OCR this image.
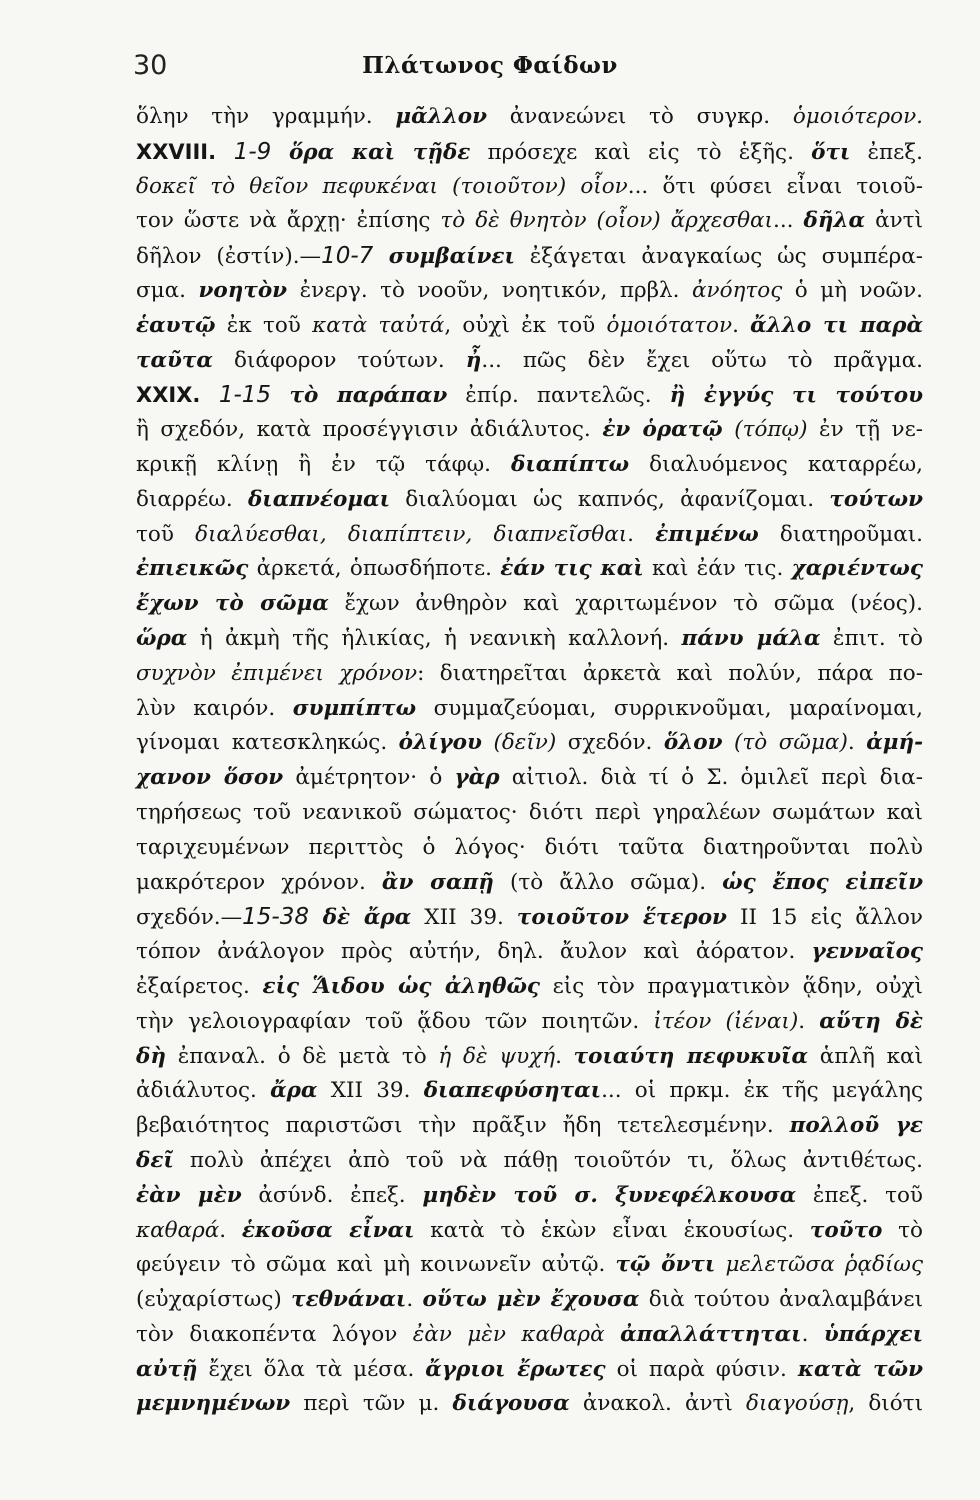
30	Πλάτωνος Φαίδων
ὅλην τὴν γραμμήν. μᾶλλον ἀνανεώνει τὸ συγκρ. ὁμοιότερον.
XXVIII. 1-9 ὅρα καὶ τῇδε πρόσεχε καὶ εἰς τὸ ἑξῆς. ὅτι ἐπεξ.
δοκεῖ τὸ θεῖον πεφυκέναι (τοιοῦτον) οἷον... ὅτι φύσει εἶναι τοιοῦ-
τον ὥστε νὰ ἄρχῃ· ἐπίσης τὸ δὲ θνητὸν (οἷον) ἄρχεσθαι... δῆλα ἀντὶ
δῆλον (ἐστίν).—10-7 συμβαίνει ἐξάγεται ἀναγκαίως ὡς συμπέρα-
σμα. νοητὸν ἐνεργ. τὸ νοοῦν, νοητικόν, πρβλ. ἀνόητος ὁ μὴ νοῶν.
ἑαυτῷ ἐκ τοῦ κατὰ ταὐτά, οὐχὶ ἐκ τοῦ ὁμοιότατον. ἄλλο τι παρὰ
ταῦτα διάφορον τούτων. ἦ... πῶς δὲν ἔχει οὕτω τὸ πρᾶγμα.
XXIX. 1-15 τὸ παράπαν ἐπίρ. παντελῶς. ἢ ἐγγύς τι τούτου
ἢ σχεδόν, κατὰ προσέγγισιν ἀδιάλυτος. ἐν ὁρατῷ (τόπῳ) ἐν τῇ νε-
κρικῇ κλίνῃ ἢ ἐν τῷ τάφῳ. διαπίπτω διαλυόμενος καταρρέω,
διαρρέω. διαπνέομαι διαλύομαι ὡς καπνός, ἀφανίζομαι. τούτων
τοῦ διαλύεσθαι, διαπίπτειν, διαπνεῖσθαι. ἐπιμένω διατηροῦμαι.
ἐπιεικῶς ἀρκετά, ὁπωσδήποτε. ἐάν τις καὶ καὶ ἐάν τις. χαριέντως
ἔχων τὸ σῶμα ἔχων ἀνθηρὸν καὶ χαριτωμένον τὸ σῶμα (νέος).
ὥρα ἡ ἀκμὴ τῆς ἡλικίας, ἡ νεανικὴ καλλονή. πάνυ μάλα ἐπιτ. τὸ
συχνὸν ἐπιμένει χρόνον: διατηρεῖται ἀρκετὰ καὶ πολύν, πάρα πο-
λὺν καιρόν. συμπίπτω συμμαζεύομαι, συρρικνοῦμαι, μαραίνομαι,
γίνομαι κατεσκληκώς. ὀλίγου (δεῖν) σχεδόν. ὅλον (τὸ σῶμα). ἀμή-
χανον ὅσον ἀμέτρητον· ὁ γὰρ αἰτιολ. διὰ τί ὁ Σ. ὁμιλεῖ περὶ δια-
τηρήσεως τοῦ νεανικοῦ σώματος· διότι περὶ γηραλέων σωμάτων καὶ
ταριχευμένων περιττὸς ὁ λόγος· διότι ταῦτα διατηροῦνται πολὺ
μακρότερον χρόνον. ἂν σαπῇ (τὸ ἄλλο σῶμα). ὡς ἔπος εἰπεῖν
σχεδόν.—15-38 δὲ ἄρα XII 39. τοιοῦτον ἕτερον II 15 εἰς ἄλλον
τόπον ἀνάλογον πρὸς αὐτήν, δηλ. ἄυλον καὶ ἀόρατον. γενναῖος
ἐξαίρετος. εἰς Ἅιδου ὡς ἀληθῶς εἰς τὸν πραγματικὸν ᾅδην, οὐχὶ
τὴν γελοιογραφίαν τοῦ ᾅδου τῶν ποιητῶν. ἰτέον (ἰέναι). αὕτη δὲ
δὴ ἐπαναλ. ὁ δὲ μετὰ τὸ ἡ δὲ ψυχή. τοιαύτη πεφυκυῖα ἁπλῆ καὶ
ἀδιάλυτος. ἄρα XII 39. διαπεφύσηται... οἱ πρκμ. ἐκ τῆς μεγάλης
βεβαιότητος παριστῶσι τὴν πρᾶξιν ἤδη τετελεσμένην. πολλοῦ γε
δεῖ πολὺ ἀπέχει ἀπὸ τοῦ νὰ πάθῃ τοιοῦτόν τι, ὅλως ἀντιθέτως.
ἐὰν μὲν ἀσύνδ. ἐπεξ. μηδὲν τοῦ σ. ξυνεφέλκουσα ἐπεξ. τοῦ
καθαρά. ἑκοῦσα εἶναι κατὰ τὸ ἑκὼν εἶναι ἑκουσίως. τοῦτο τὸ
φεύγειν τὸ σῶμα καὶ μὴ κοινωνεῖν αὐτῷ. τῷ ὄντι μελετῶσα ῥᾳδίως
(εὐχαρίστως) τεθνάναι. οὕτω μὲν ἔχουσα διὰ τούτου ἀναλαμβάνει
τὸν διακοπέντα λόγον ἐὰν μὲν καθαρὰ ἀπαλλάττηται. ὑπάρχει
αὐτῇ ἔχει ὅλα τὰ μέσα. ἄγριοι ἔρωτες οἱ παρὰ φύσιν. κατὰ τῶν
μεμνημένων περὶ τῶν μ. διάγουσα ἀνακολ. ἀντὶ διαγούσῃ, διότι
